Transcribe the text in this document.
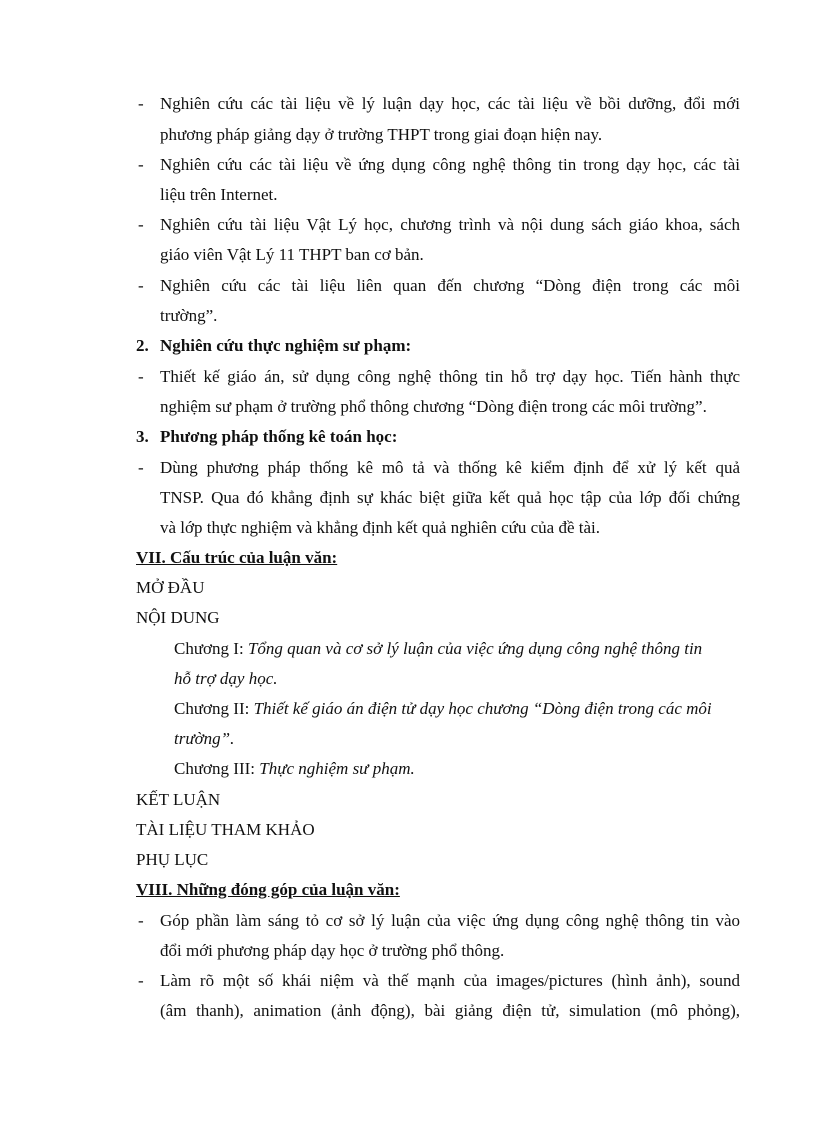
- Nghiên cứu các tài liệu về lý luận dạy học, các tài liệu về bồi dưỡng, đổi mới
phương pháp giảng dạy ở trường THPT trong giai đoạn hiện nay.
- Nghiên cứu các tài liệu về ứng dụng công nghệ thông tin trong dạy học, các tài
liệu trên Internet.
- Nghiên cứu tài liệu Vật Lý học, chương trình và nội dung sách giáo khoa, sách
giáo viên Vật Lý 11 THPT ban cơ bản.
- Nghiên cứu các tài liệu liên quan đến chương “Dòng điện trong các môi
trường”.
2. Nghiên cứu thực nghiệm sư phạm:
- Thiết kế giáo án, sử dụng công nghệ thông tin hỗ trợ dạy học. Tiến hành thực
nghiệm sư phạm ở trường phổ thông chương “Dòng điện trong các môi trường”.
3. Phương pháp thống kê toán học:
- Dùng phương pháp thống kê mô tả và thống kê kiểm định để xử lý kết quả
TNSP. Qua đó khẳng định sự khác biệt giữa kết quả học tập của lớp đối chứng
và lớp thực nghiệm và khẳng định kết quả nghiên cứu của đề tài.
VII. Cấu trúc của luận văn:
MỞ ĐẦU
NỘI DUNG
Chương I: Tổng quan và cơ sở lý luận của việc ứng dụng công nghệ thông tin
hỗ trợ dạy học.
Chương II: Thiết kế giáo án điện tử dạy học chương “Dòng điện trong các môi
trường”.
Chương III: Thực nghiệm sư phạm.
KẾT LUẬN
TÀI LIỆU THAM KHẢO
PHỤ LỤC
VIII. Những đóng góp của luận văn:
- Góp phần làm sáng tỏ cơ sở lý luận của việc ứng dụng công nghệ thông tin vào
đổi mới phương pháp dạy học ở trường phổ thông.
- Làm rõ một số khái niệm và thế mạnh của images/pictures (hình ảnh), sound
(âm thanh), animation (ảnh động), bài giảng điện tử, simulation (mô phỏng),
